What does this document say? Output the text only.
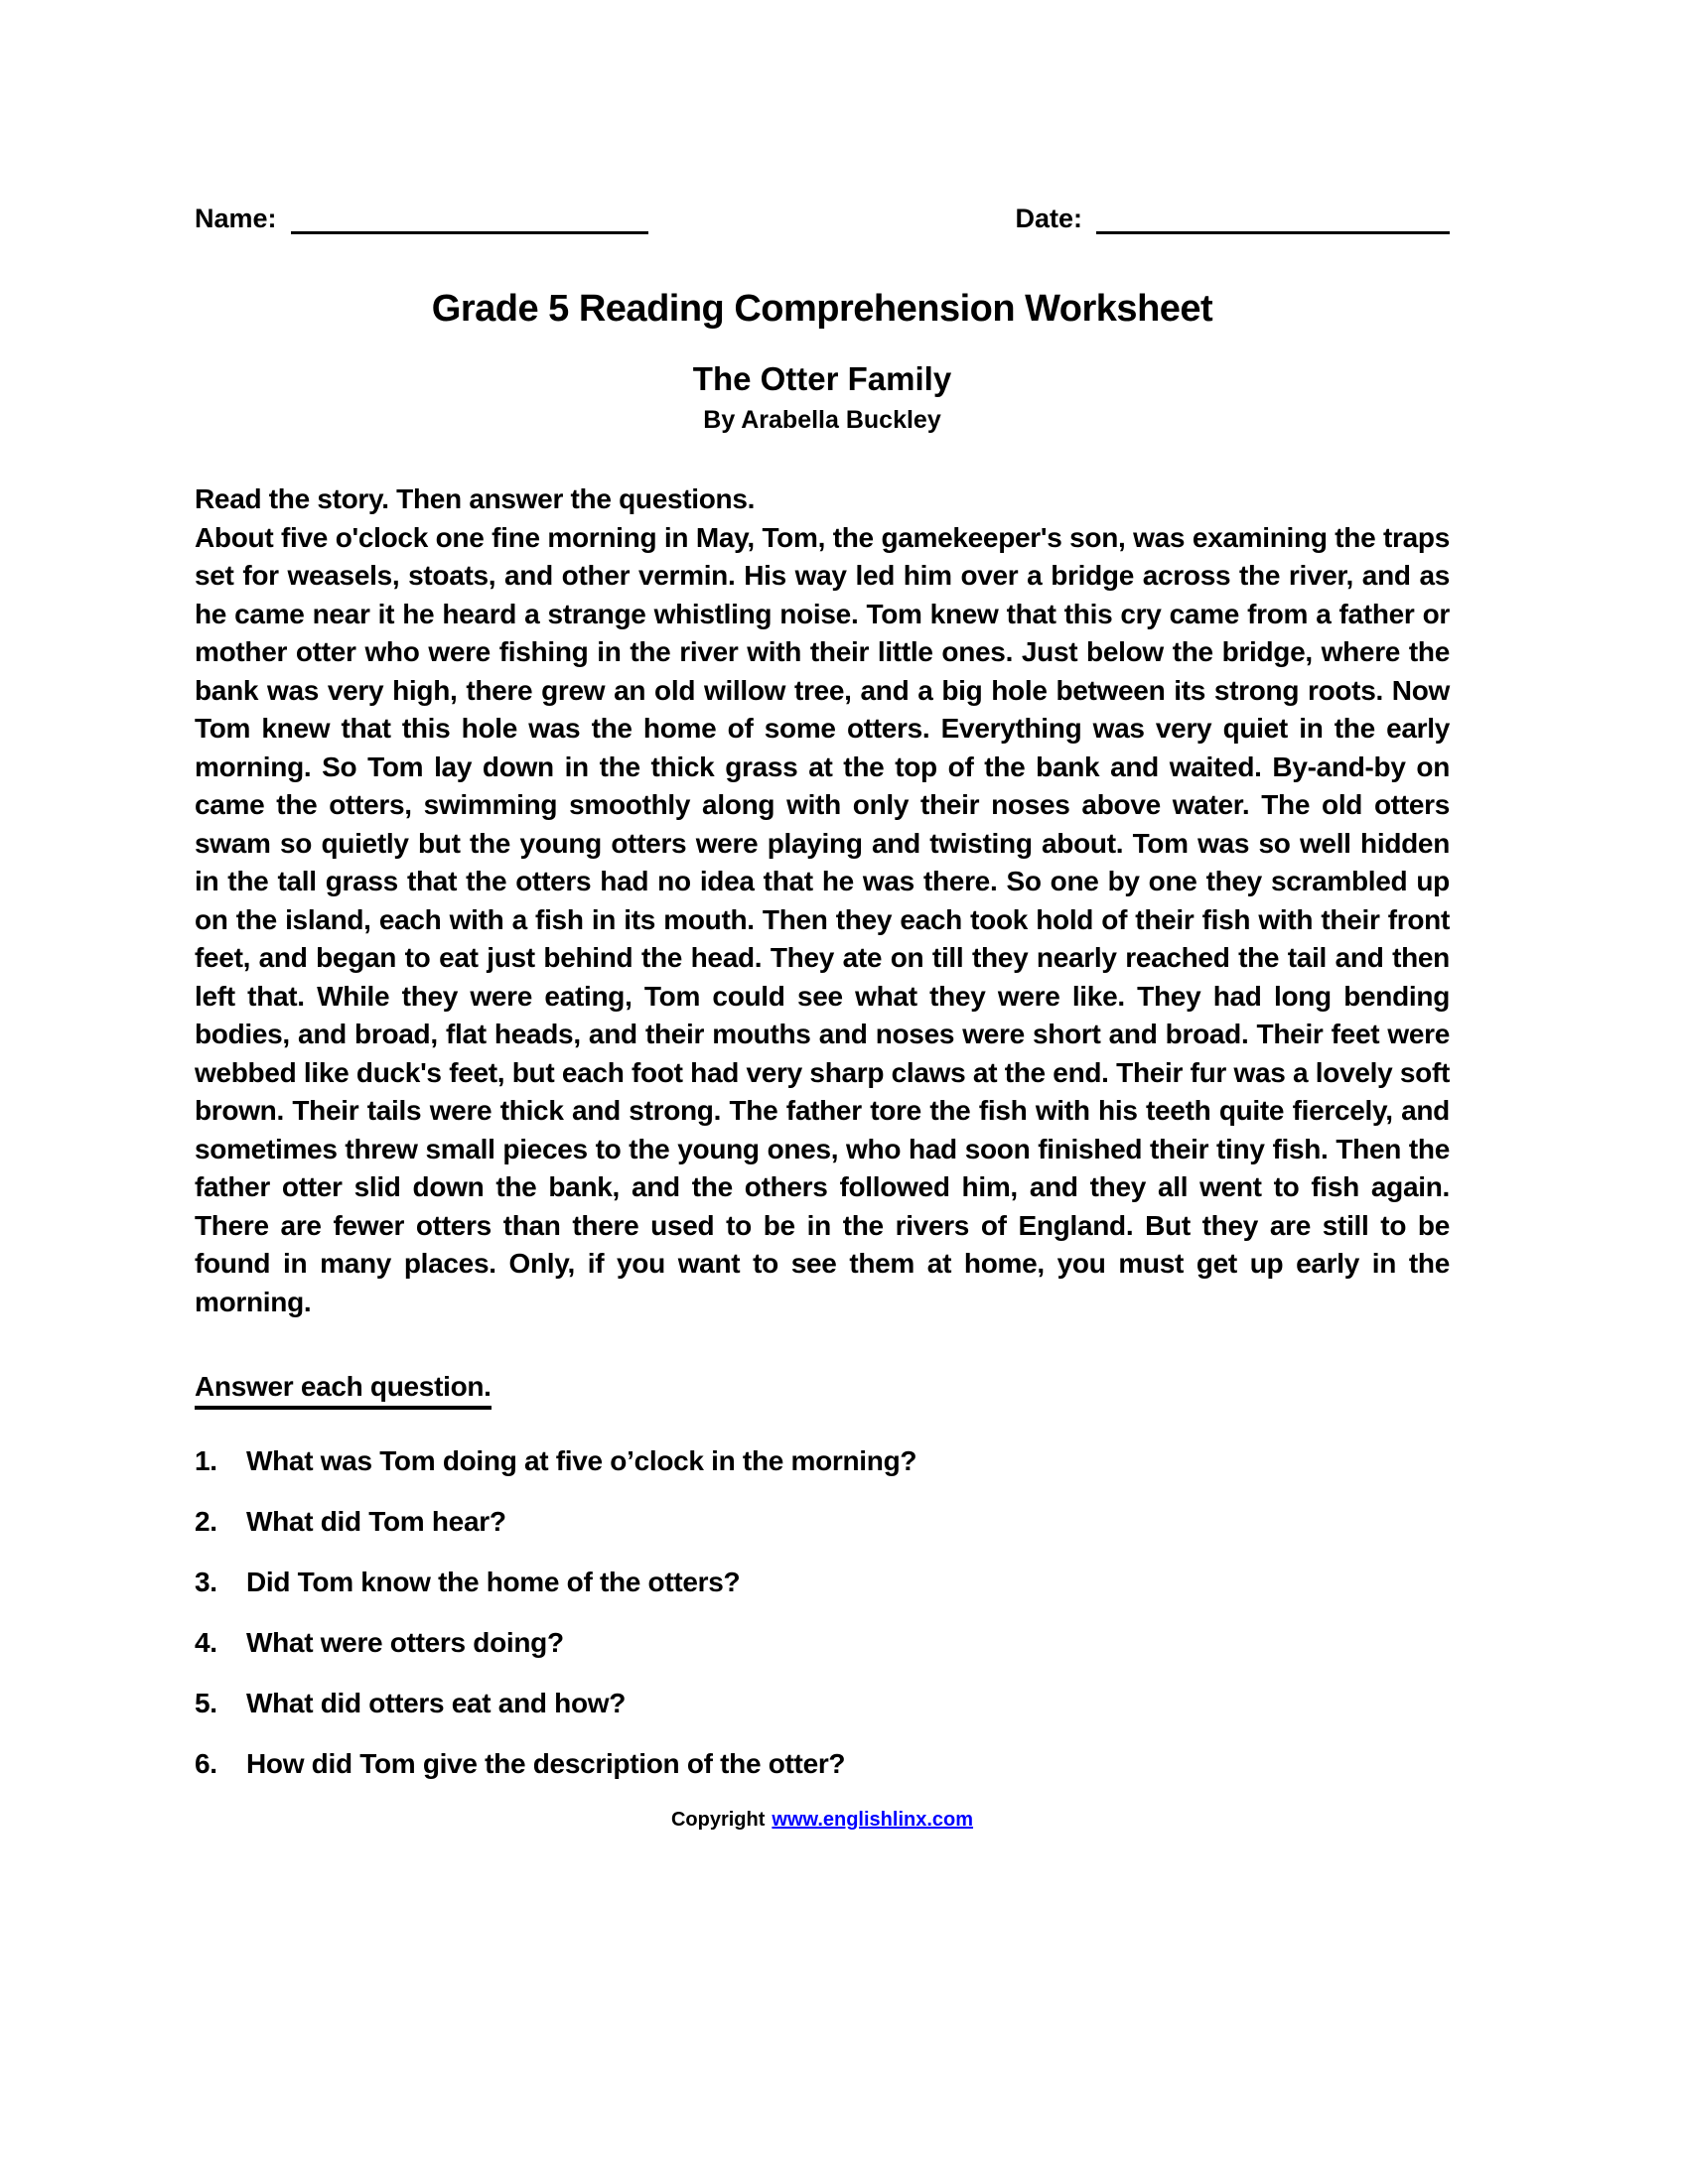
Name:	Date:
Grade 5 Reading Comprehension Worksheet
The Otter Family
By Arabella Buckley

Read the story. Then answer the questions.

About five o'clock one fine morning in May, Tom, the gamekeeper's son, was examining the traps set for weasels, stoats, and other vermin. His way led him over a bridge across the river, and as he came near it he heard a strange whistling noise. Tom knew that this cry came from a father or mother otter who were fishing in the river with their little ones. Just below the bridge, where the bank was very high, there grew an old willow tree, and a big hole between its strong roots. Now Tom knew that this hole was the home of some otters. Everything was very quiet in the early morning. So Tom lay down in the thick grass at the top of the bank and waited. By-and-by on came the otters, swimming smoothly along with only their noses above water. The old otters swam so quietly but the young otters were playing and twisting about. Tom was so well hidden in the tall grass that the otters had no idea that he was there. So one by one they scrambled up on the island, each with a fish in its mouth. Then they each took hold of their fish with their front feet, and began to eat just behind the head. They ate on till they nearly reached the tail and then left that. While they were eating, Tom could see what they were like. They had long bending bodies, and broad, flat heads, and their mouths and noses were short and broad. Their feet were webbed like duck's feet, but each foot had very sharp claws at the end. Their fur was a lovely soft brown. Their tails were thick and strong. The father tore the fish with his teeth quite fiercely, and sometimes threw small pieces to the young ones, who had soon finished their tiny fish. Then the father otter slid down the bank, and the others followed him, and they all went to fish again. There are fewer otters than there used to be in the rivers of England. But they are still to be found in many places. Only, if you want to see them at home, you must get up early in the morning.

Answer each question.
1.	What was Tom doing at five o’clock in the morning?
2.	What did Tom hear?
3.	Did Tom know the home of the otters?
4.	What were otters doing?
5.	What did otters eat and how?
6.	How did Tom give the description of the otter?
Copyright www.englishlinx.com
